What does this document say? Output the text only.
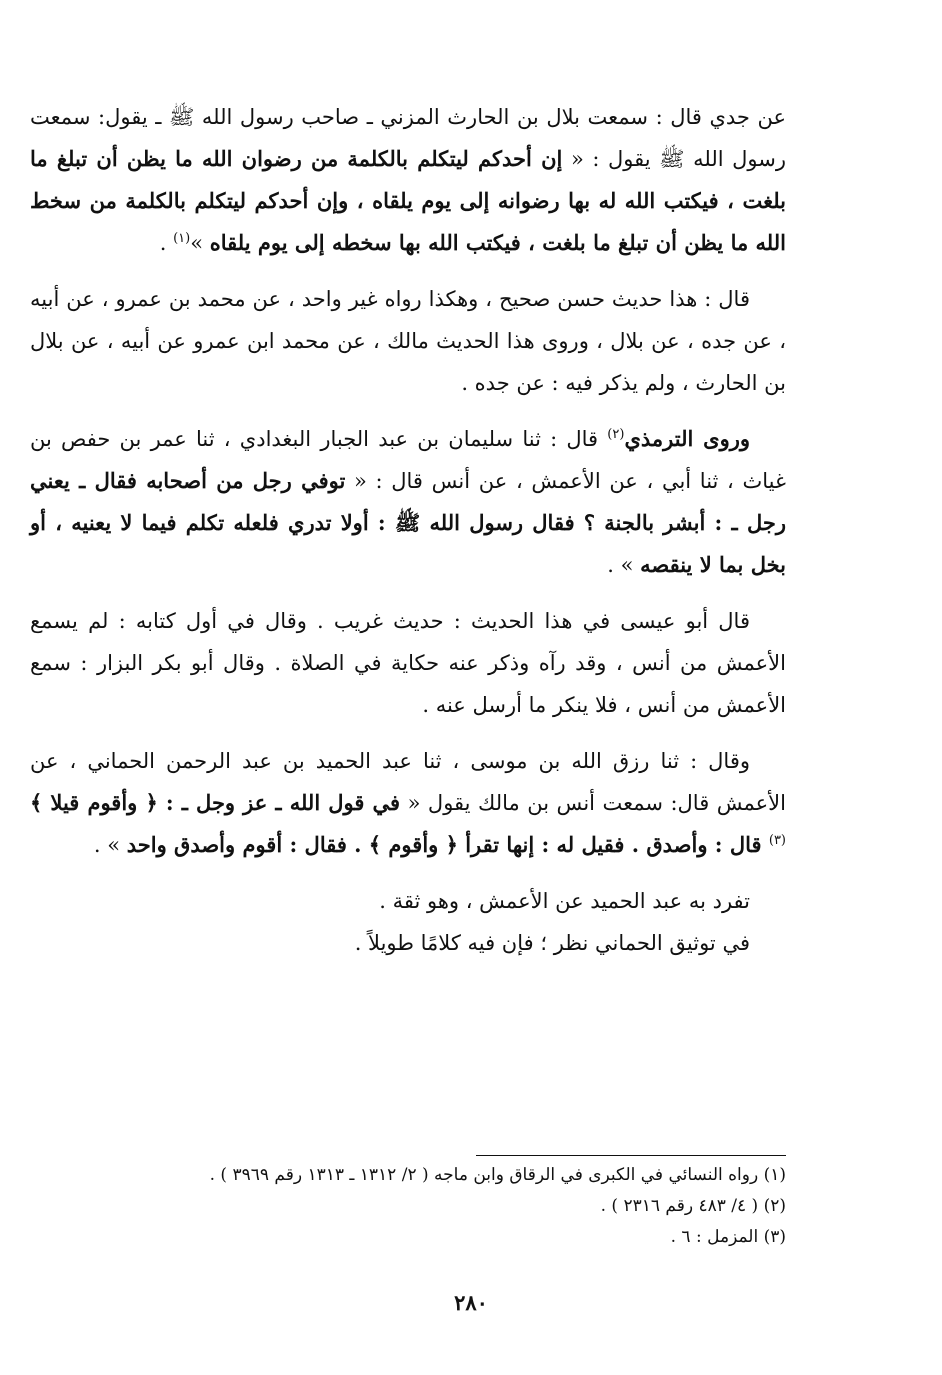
عن جدي قال : سمعت بلال بن الحارث المزني ـ صاحب رسول الله ﷺ ـ يقول: سمعت رسول الله ﷺ يقول : « إن أحدكم ليتكلم بالكلمة من رضوان الله ما يظن أن تبلغ ما بلغت ، فيكتب الله له بها رضوانه إلى يوم يلقاه ، وإن أحدكم ليتكلم بالكلمة من سخط الله ما يظن أن تبلغ ما بلغت ، فيكتب الله بها سخطه إلى يوم يلقاه »$^{(١)}$ .

قال : هذا حديث حسن صحيح ، وهكذا رواه غير واحد ، عن محمد بن عمرو ، عن أبيه ، عن جده ، عن بلال ، وروى هذا الحديث مالك ، عن محمد ابن عمرو عن أبيه ، عن بلال بن الحارث ، ولم يذكر فيه : عن جده .

وروى الترمذي$^{(٢)}$ قال : ثنا سليمان بن عبد الجبار البغدادي ، ثنا عمر بن حفص بن غياث ، ثنا أبي ، عن الأعمش ، عن أنس قال : « توفي رجل من أصحابه فقال ـ يعني رجل ـ : أبشر بالجنة ؟ فقال رسول الله ﷺ : أولا تدري فلعله تكلم فيما لا يعنيه ، أو بخل بما لا ينقصه » .

قال أبو عيسى في هذا الحديث : حديث غريب . وقال في أول كتابه : لم يسمع الأعمش من أنس ، وقد رآه وذكر عنه حكاية في الصلاة . وقال أبو بكر البزار : سمع الأعمش من أنس ، فلا ينكر ما أرسل عنه .

وقال : ثنا رزق الله بن موسى ، ثنا عبد الحميد بن عبد الرحمن الحماني ، عن الأعمش قال: سمعت أنس بن مالك يقول « في قول الله ـ عز وجل ـ : ﴿ وأقوم قيلا ﴾$^{(٣)}$ قال : وأصدق . فقيل له : إنها تقرأ ﴿ وأقوم ﴾ . فقال : أقوم وأصدق واحد » .

تفرد به عبد الحميد عن الأعمش ، وهو ثقة .

في توثيق الحماني نظر ؛ فإن فيه كلامًا طويلاً .

(١) رواه النسائي في الكبرى في الرقاق وابن ماجه ( ٢/ ١٣١٢ ـ ١٣١٣ رقم ٣٩٦٩ ) .
(٢) ( ٤/ ٤٨٣ رقم ٢٣١٦ ) .
(٣) المزمل : ٦ .
٢٨٠
